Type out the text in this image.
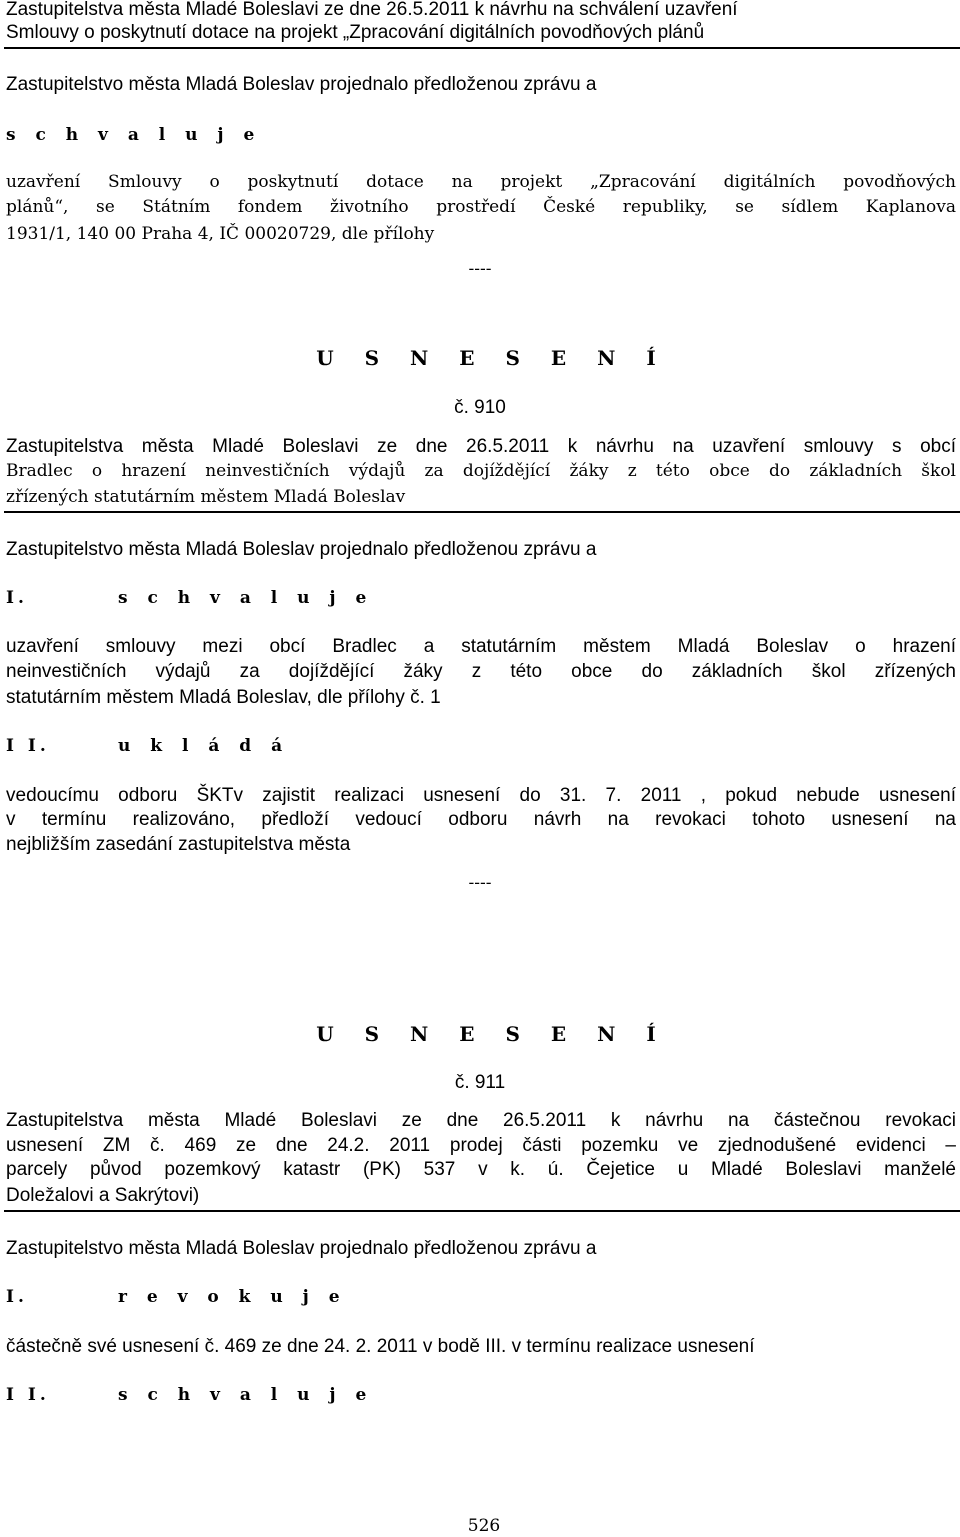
Zastupitelstva města Mladé Boleslavi ze dne 26.5.2011 k návrhu na schválení uzavření
Smlouvy o poskytnutí dotace na projekt „Zpracování digitálních povodňových plánů
Zastupitelstvo města Mladá Boleslav projednalo předloženou zprávu a
s c h v a l u j e
uzavření Smlouvy o poskytnutí dotace na projekt „Zpracování digitálních povodňových
plánů“, se Státním fondem životního prostředí České republiky, se sídlem Kaplanova
1931/1, 140 00 Praha 4, IČ 00020729, dle přílohy
----
U S N E S E N Í
č. 910
Zastupitelstva města Mladé Boleslavi ze dne 26.5.2011 k návrhu na uzavření smlouvy s obcí
Bradlec o hrazení neinvestičních výdajů za dojíždějící žáky z této obce do základních škol
zřízených statutárním městem Mladá Boleslav
Zastupitelstvo města Mladá Boleslav projednalo předloženou zprávu a
I.	s c h v a l u j e
uzavření smlouvy mezi obcí Bradlec a statutárním městem Mladá Boleslav o hrazení
neinvestičních výdajů za dojíždějící žáky z této obce do základních škol zřízených
statutárním městem Mladá Boleslav, dle přílohy č. 1
I I.	u k l á d á
vedoucímu odboru ŠKTv zajistit realizaci usnesení do 31. 7. 2011 , pokud nebude usnesení
v termínu realizováno, předloží vedoucí odboru návrh na revokaci tohoto usnesení na
nejbližším zasedání zastupitelstva města
----
U S N E S E N Í
č. 911
Zastupitelstva města Mladé Boleslavi ze dne 26.5.2011 k návrhu na částečnou revokaci
usnesení ZM č. 469 ze dne 24.2. 2011 prodej části pozemku ve zjednodušené evidenci –
parcely původ pozemkový katastr (PK) 537 v k. ú. Čejetice u Mladé Boleslavi manželé
Doležalovi a Sakrýtovi)
Zastupitelstvo města Mladá Boleslav projednalo předloženou zprávu a
I.	r e v o k u j e
částečně své usnesení č. 469 ze dne 24. 2. 2011 v bodě III. v termínu realizace usnesení
I I.	s c h v a l u j e
526
